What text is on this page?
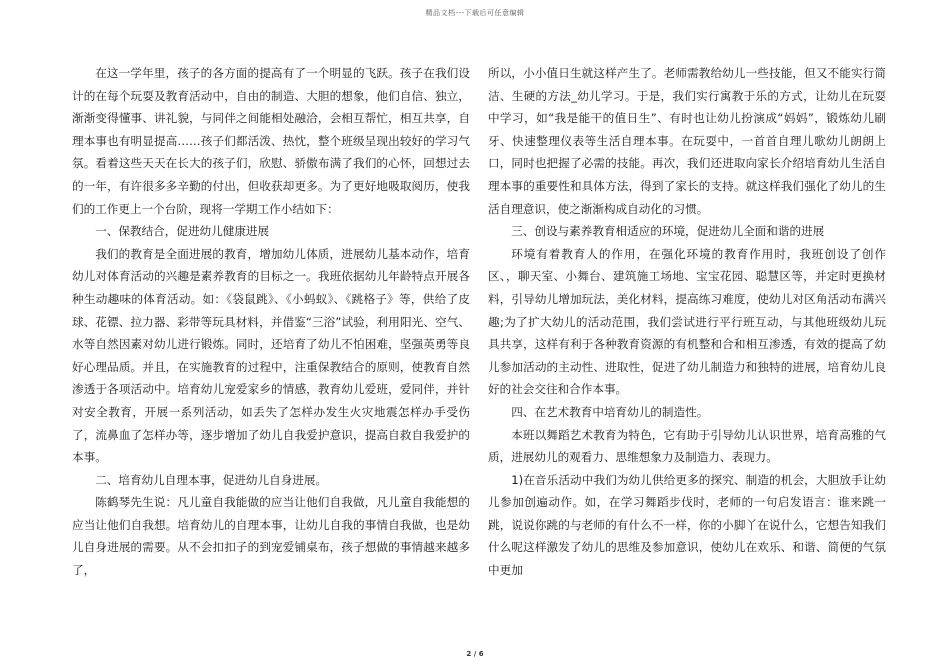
精品文档---下载后可任意编辑

在这一学年里，孩子的各方面的提高有了一个明显的飞跃。孩子在我们设计的在每个玩耍及教育活动中，自由的制造、大胆的想象，他们自信、独立，渐渐变得懂事、讲礼貌，与同伴之间能相处融洽，会相互帮忙，相互共享，自理本事也有明显提高……孩子们都活泼、热忱，整个班级呈现出较好的学习气氛。看着这些天天在长大的孩子们，欣慰、骄傲布满了我们的心怀，回想过去的一年，有许很多多辛勤的付出，但收获却更多。为了更好地吸取阅历，使我们的工作更上一个台阶，现将一学期工作小结如下：

一、保教结合，促进幼儿健康进展

我们的教育是全面进展的教育，增加幼儿体质，进展幼儿基本动作，培育幼儿对体育活动的兴趣是素养教育的目标之一。我班依据幼儿年龄特点开展各种生动趣味的体育活动。如：《袋鼠跳》、《小蚂蚁》、《跳格子》等，供给了皮球、花镖、拉力器、彩带等玩具材料，并借鉴“三浴”试验，利用阳光、空气、水等自然因素对幼儿进行锻炼。同时，还培育了幼儿不怕困难，坚强英勇等良好心理品质。并且，在实施教育的过程中，注重保教结合的原则，使教育自然渗透于各项活动中。培育幼儿宠爱家乡的情感，教育幼儿爱班，爱同伴，并针对安全教育，开展一系列活动，如丢失了怎样办发生火灾地震怎样办手受伤了，流鼻血了怎样办等，逐步增加了幼儿自我爱护意识，提高自救自我爱护的本事。

二、培育幼儿自理本事，促进幼儿自身进展。

陈鹤琴先生说：凡儿童自我能做的应当让他们自我做，凡儿童自我能想的应当让他们自我想。培育幼儿的自理本事，让幼儿自我的事情自我做，也是幼儿自身进展的需要。从不会扣扣子的到宠爱铺桌布，孩子想做的事情越来越多了，

所以，小小值日生就这样产生了。老师需教给幼儿一些技能，但又不能实行简洁、生硬的方法_幼儿学习。于是，我们实行寓教于乐的方式，让幼儿在玩耍中学习，如“我是能干的值日生”、有时也让幼儿扮演成“妈妈”，锻炼幼儿刷牙、快速整理仪表等生活自理本事。在玩耍中，一首首自理儿歌幼儿朗朗上口，同时也把握了必需的技能。再次，我们还进取向家长介绍培育幼儿生活自理本事的重要性和具体方法，得到了家长的支持。就这样我们强化了幼儿的生活自理意识，使之渐渐构成自动化的习惯。

三、创设与素养教育相适应的环境，促进幼儿全面和谐的进展

环境有着教育人的作用，在强化环境的教育作用时，我班创设了创作区、，聊天室、小舞台、建筑施工场地、宝宝花园、聪慧区等，并定时更换材料，引导幼儿增加玩法，美化材料，提高练习难度，使幼儿对区角活动布满兴趣;为了扩大幼儿的活动范围，我们尝试进行平行班互动，与其他班级幼儿玩具共享，这样有利于各种教育资源的有机整和合和相互渗透，有效的提高了幼儿参加活动的主动性、进取性，促进了幼儿制造力和独特的进展，培育幼儿良好的社会交往和合作本事。

四、在艺术教育中培育幼儿的制造性。

本班以舞蹈艺术教育为特色，它有助于引导幼儿认识世界，培育高雅的气质，进展幼儿的观看力、思维想象力及制造力、表现力。

1)在音乐活动中我们为幼儿供给更多的探究、制造的机会，大胆放手让幼儿参加创遍动作。如，在学习舞蹈步伐时，老师的一句启发语言：谁来跳一跳，说说你跳的与老师的有什么不一样，你的小脚丫在说什么，它想告知我们什么呢这样激发了幼儿的思维及参加意识，使幼儿在欢乐、和谐、简便的气氛中更加

2 / 6
